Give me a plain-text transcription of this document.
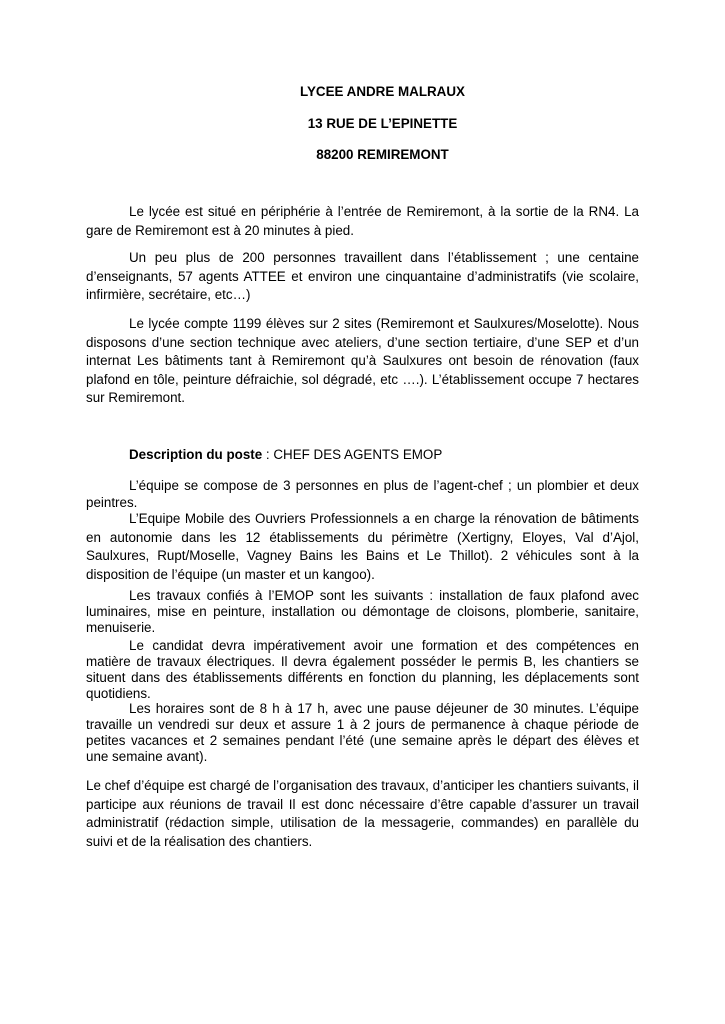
LYCEE ANDRE MALRAUX
13 RUE DE L’EPINETTE
88200 REMIREMONT

Le lycée est situé en périphérie à l’entrée de Remiremont, à la sortie de la RN4. La gare de Remiremont est à 20 minutes à pied.

Un peu plus de 200 personnes travaillent dans l’établissement ; une centaine d’enseignants, 57 agents ATTEE et environ une cinquantaine d’administratifs (vie scolaire, infirmière, secrétaire, etc…)

Le lycée compte 1199 élèves sur 2 sites (Remiremont et Saulxures/Moselotte). Nous disposons d’une section technique avec ateliers, d’une section tertiaire, d’une SEP et d’un internat Les bâtiments tant à Remiremont qu’à Saulxures ont besoin de rénovation (faux plafond en tôle, peinture défraichie, sol dégradé, etc ….). L’établissement occupe 7 hectares sur Remiremont.

Description du poste : CHEF DES AGENTS EMOP

L’équipe se compose de 3 personnes en plus de l’agent-chef ; un plombier et deux peintres.

L’Equipe Mobile des Ouvriers Professionnels a en charge la rénovation de bâtiments en autonomie dans les 12 établissements du périmètre (Xertigny, Eloyes, Val d’Ajol, Saulxures, Rupt/Moselle, Vagney Bains les Bains et Le Thillot). 2 véhicules sont à la disposition de l’équipe (un master et un kangoo).

Les travaux confiés à l’EMOP sont les suivants : installation de faux plafond avec luminaires, mise en peinture, installation ou démontage de cloisons, plomberie, sanitaire, menuiserie.

Le candidat devra impérativement avoir une formation et des compétences en matière de travaux électriques. Il devra également posséder le permis B, les chantiers se situent dans des établissements différents en fonction du planning, les déplacements sont quotidiens.

Les horaires sont de 8 h à 17 h, avec une pause déjeuner de 30 minutes. L’équipe travaille un vendredi sur deux et assure 1 à 2 jours de permanence à chaque période de petites vacances et 2 semaines pendant l’été (une semaine après le départ des élèves et une semaine avant).

Le chef d’équipe est chargé de l’organisation des travaux, d’anticiper les chantiers suivants, il participe aux réunions de travail Il est donc nécessaire d’être capable d’assurer un travail administratif (rédaction simple, utilisation de la messagerie, commandes) en parallèle du suivi et de la réalisation des chantiers.
